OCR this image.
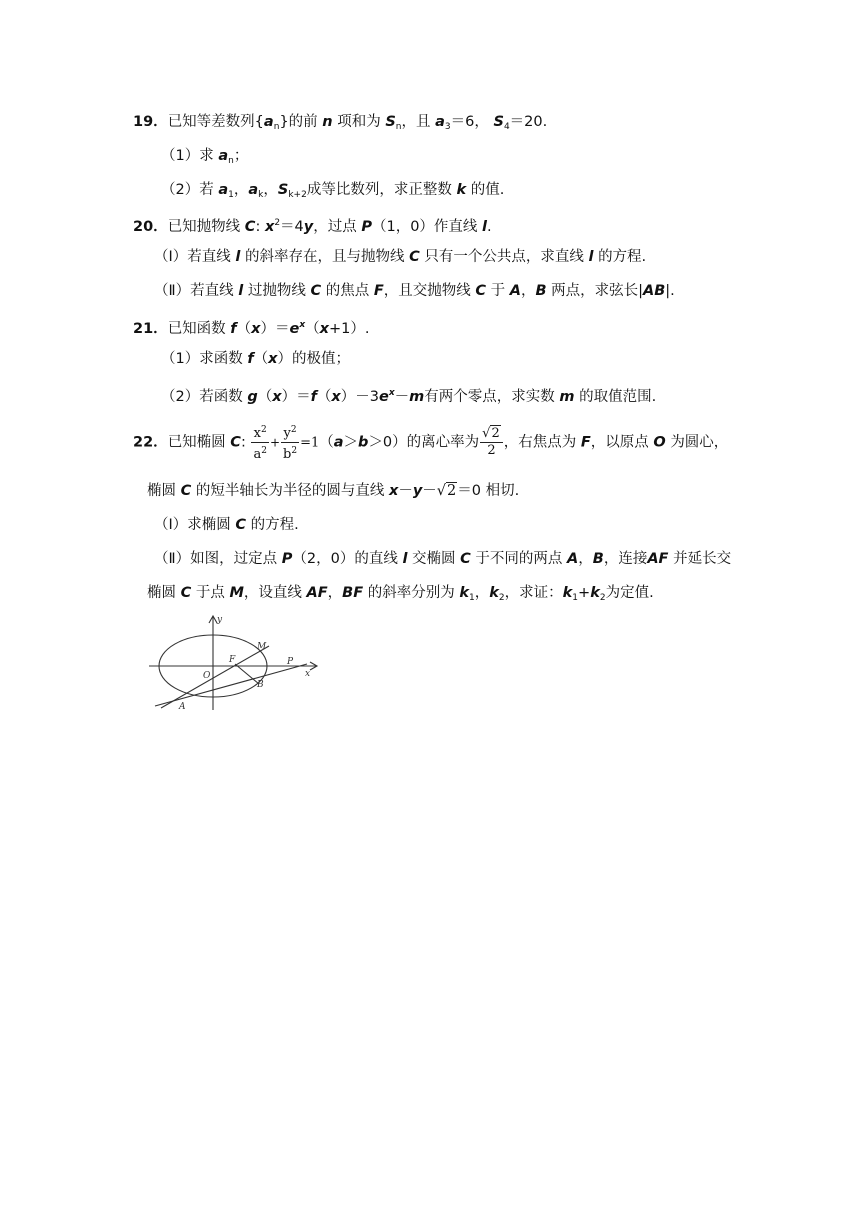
19．已知等差数列$\{a_n\}$的前 n 项和为 $S_n$，且 $a_3=6$， $S_4=20$.
（1）求 $a_n$；
（2）若 $a_1$，$a_k$，$S_{k+2}$成等比数列，求正整数 k 的值.
20．已知抛物线 C: $x^2=4y$，过点 P（1，0）作直线 l.
（Ⅰ）若直线 l 的斜率存在，且与抛物线 C 只有一个公共点，求直线 l 的方程.
（Ⅱ）若直线 l 过抛物线 C 的焦点 F，且交抛物线 C 于 A，B 两点，求弦长|AB|.
21．已知函数 $f(x)=e^x(x+1)$.
（1）求函数 f（x）的极值；
（2）若函数 $g(x)=f(x)-3e^x-m$有两个零点，求实数 m 的取值范围.
22．已知椭圆 C: $\frac{x^2}{a^2} + \frac{y^2}{b^2} =1(a>b>0)$的离心率为 $\frac{√2}{2}$ ，右焦点为 F，以原点 O 为圆心，
椭圆 C 的短半轴长为半径的圆与直线 x－y－√2＝0 相切.
（Ⅰ）求椭圆 C 的方程.
（Ⅱ）如图，过定点 P（2，0）的直线 l 交椭圆 C 于不同的两点 A，B，连接AF 并延长交
椭圆 C 于点 M，设直线 AF，BF 的斜率分别为 $k_1$，$k_2$，求证：$k_1+k_2$为定值.
y
M
F	P
O
B
x
A
